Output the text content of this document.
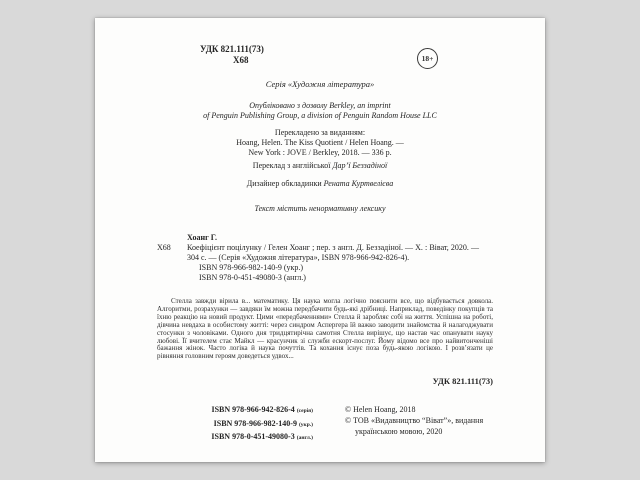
УДК 821.111(73)
Х68	18+
Серія «Художня література»
Опубліковано з дозволу Berkley, an imprint
of Penguin Publishing Group, a division of Penguin Random House LLC
Перекладено за виданням:
Hoang, Helen. The Kiss Quotient / Helen Hoang. —
New York : JOVE / Berkley, 2018. — 336 p.
Переклад з англійської Дар’ї Беззадіної
Дизайнер обкладинки Рената Куртвелієва
Текст містить ненормативну лексику
Хоанг Г.
Х68 Коефіцієнт поцілунку / Гелен Хоанг ; пер. з англ. Д. Беззадіної. — Х. : Віват, 2020. — 304 с. — (Серія «Художня література», ISBN 978-966-942-826-4).
ISBN 978-966-982-140-9 (укр.)
ISBN 978-0-451-49080-3 (англ.)
Стелла завжди вірила в... математику. Ця наука могла логічно пояснити все, що відбувається довкола. Алгоритми, розрахунки — завдяки їм можна передбачити будь-які дрібниці. Наприклад, поведінку покупців та їхню реакцію на новий продукт. Цими «передбаченнями» Стелла й заробляє собі на життя. Успішна на роботі, дівчина невдаха в особистому житті: через синдром Аспергера їй важко заводити знайомства й налагоджувати стосунки з чоловіками. Одного дня тридцятирічна самотня Стелла вирішує, що настав час опанувати науку любові. Її вчителем стає Майкл — красунчик зі служби ескорт-послуг. Йому відомо все про найвитонченіші бажання жінок. Часто логіка й наука почуттів. Та кохання існує поза будь-якою логікою. І розв’язати це рівняння головним героям доведеться удвох...
УДК 821.111(73)
ISBN 978-966-942-826-4 (серія)
ISBN 978-966-982-140-9 (укр.)
ISBN 978-0-451-49080-3 (англ.)
© Helen Hoang, 2018
© ТОВ «Видавництво “Віват”», видання українською мовою, 2020
